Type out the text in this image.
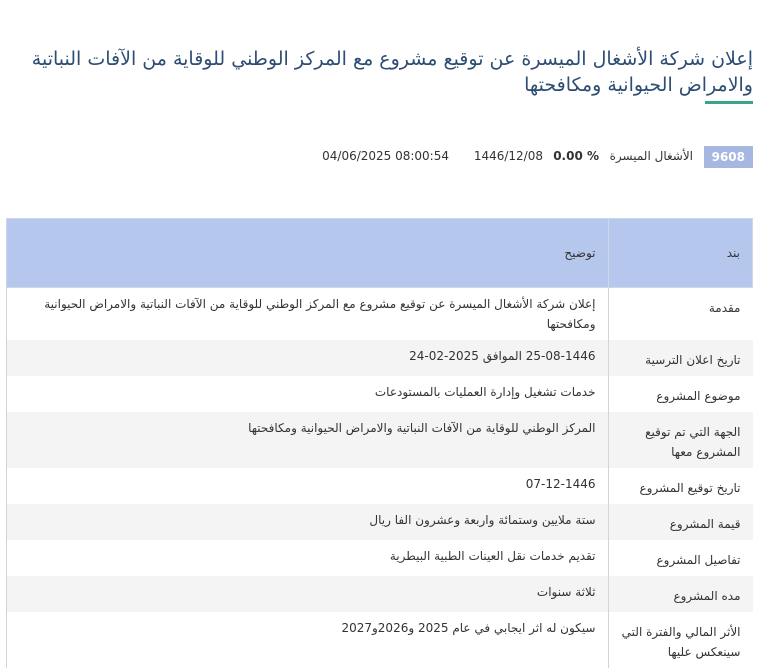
إعلان شركة الأشغال الميسرة عن توقيع مشروع مع المركز الوطني للوقاية من الآفات النباتية والامراض الحيوانية ومكافحتها
9608
الأشغال الميسرة
0.00 %
1446/12/08
04/06/2025 08:00:54
بند	توضيح
مقدمة	إعلان شركة الأشغال الميسرة عن توقيع مشروع مع المركز الوطني للوقاية من الآفات النباتية والامراض الحيوانية ومكافحتها
تاريخ اعلان الترسية	25-08-1446 الموافق 2025-02-24
موضوع المشروع	خدمات تشغيل وإدارة العمليات بالمستودعات
الجهة التي تم توقيع المشروع معها	المركز الوطني للوقاية من الآفات النباتية والامراض الحيوانية ومكافحتها
تاريخ توقيع المشروع	07-12-1446
قيمة المشروع	ستة ملايين وستمائة واربعة وعشرون الفا ريال
تفاصيل المشروع	تقديم خدمات نقل العينات الطبية البيطرية
مده المشروع	ثلاثة سنوات
الأثر المالي والفترة التي سينعكس عليها	سيكون له اثر ايجابي في عام 2025 و2026و2027
